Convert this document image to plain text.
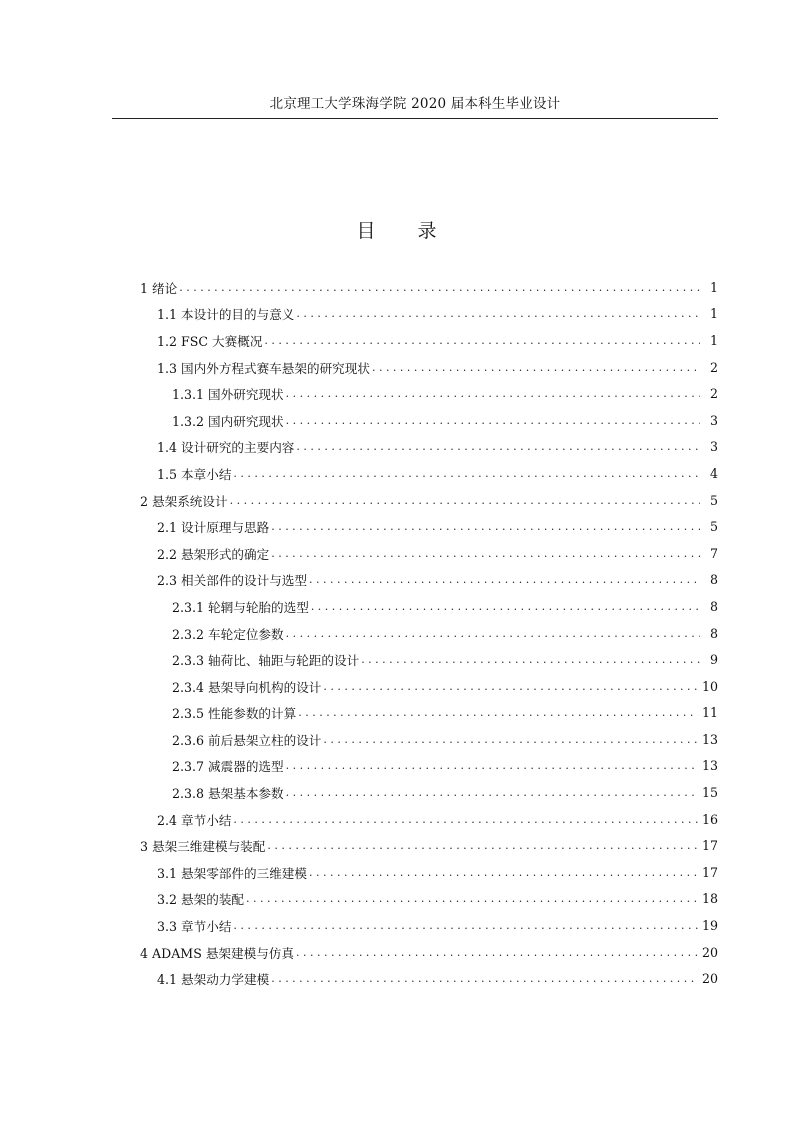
北京理工大学珠海学院 2020 届本科生毕业设计
目 录
1 绪论 . . .	1
1.1 本设计的目的与意义 . . .	1
1.2 FSC 大赛概况 . . .	1
1.3 国内外方程式赛车悬架的研究现状 . . .	2
1.3.1 国外研究现状 . . .	2
1.3.2 国内研究现状 . . .	3
1.4 设计研究的主要内容 . . .	3
1.5 本章小结 . . .	4
2 悬架系统设计 . . .	5
2.1 设计原理与思路 . . .	5
2.2 悬架形式的确定 . . .	7
2.3 相关部件的设计与选型 . . .	8
2.3.1 轮辋与轮胎的选型 . . .	8
2.3.2 车轮定位参数 . . .	8
2.3.3 轴荷比、轴距与轮距的设计 . . .	9
2.3.4 悬架导向机构的设计 . . .	10
2.3.5 性能参数的计算 . . .	11
2.3.6 前后悬架立柱的设计 . . .	13
2.3.7 减震器的选型 . . .	13
2.3.8 悬架基本参数 . . .	15
2.4 章节小结 . . .	16
3 悬架三维建模与装配 . . .	17
3.1 悬架零部件的三维建模 . . .	17
3.2 悬架的装配 . . .	18
3.3 章节小结 . . .	19
4 ADAMS 悬架建模与仿真 . . .	20
4.1 悬架动力学建模 . . .	20
